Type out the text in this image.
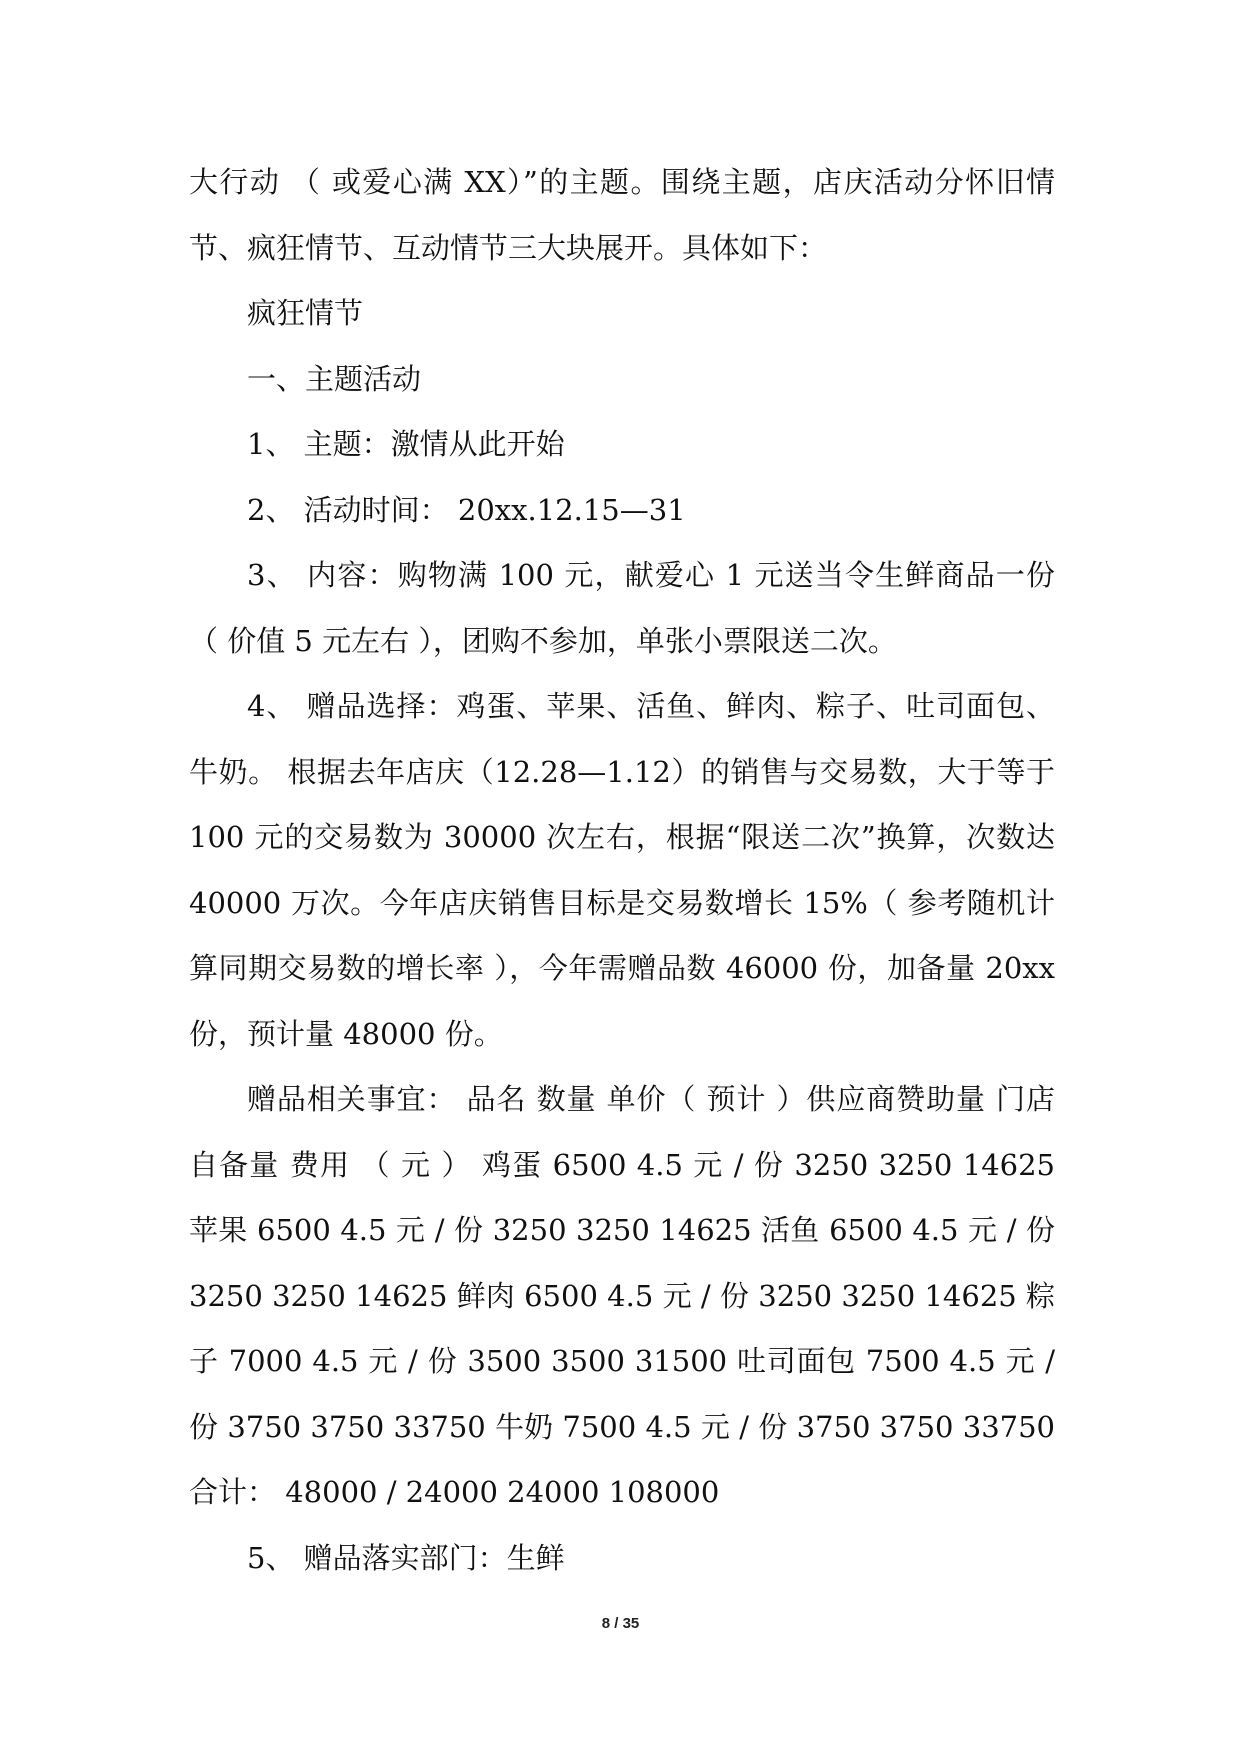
大行动 （ 或爱心满 XX）”的主题。围绕主题，店庆活动分怀旧情节、疯狂情节、互动情节三大块展开。具体如下：

疯狂情节

一、主题活动

1、 主题：激情从此开始

2、 活动时间： 20xx.12.15—31

3、 内容：购物满 100 元，献爱心 1 元送当令生鲜商品一份 （ 价值 5 元左右 ），团购不参加，单张小票限送二次。

4、 赠品选择：鸡蛋、苹果、活鱼、鲜肉、粽子、吐司面包、牛奶。 根据去年店庆（12.28—1.12）的销售与交易数，大于等于 100 元的交易数为 30000 次左右，根据“限送二次”换算，次数达 40000 万次。今年店庆销售目标是交易数增长 15%（ 参考随机计算同期交易数的增长率 ），今年需赠品数 46000 份，加备量 20xx 份，预计量 48000 份。

赠品相关事宜： 品名 数量 单价（ 预计 ）供应商赞助量 门店自备量 费用 （ 元 ） 鸡蛋 6500 4.5 元 / 份 3250 3250 14625 苹果 6500 4.5 元 / 份 3250 3250 14625 活鱼 6500 4.5 元 / 份 3250 3250 14625 鲜肉 6500 4.5 元 / 份 3250 3250 14625 粽子 7000 4.5 元 / 份 3500 3500 31500 吐司面包 7500 4.5 元 / 份 3750 3750 33750 牛奶 7500 4.5 元 / 份 3750 3750 33750 合计： 48000 / 24000 24000 108000

5、 赠品落实部门：生鲜

8 / 35
